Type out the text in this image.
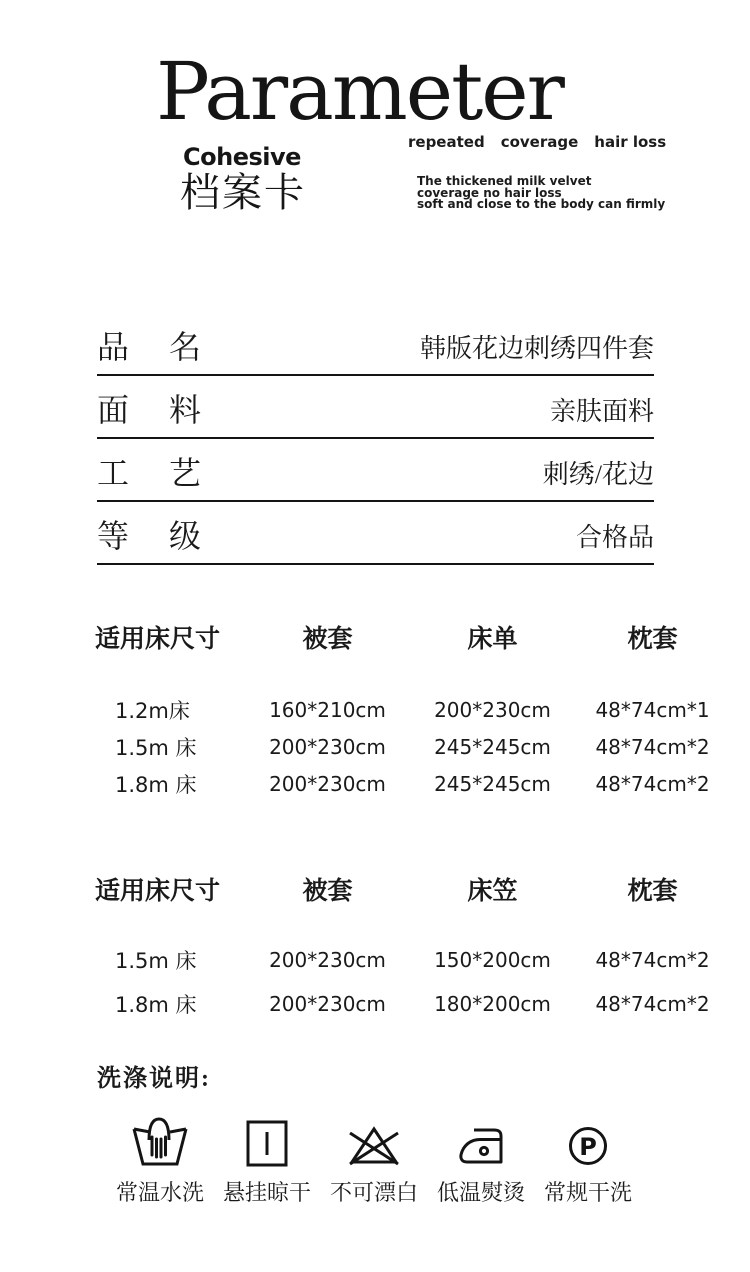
Parameter
repeated coverage hair loss
Cohesive
档案卡	The thickened milk velvet
coverage no hair loss
soft and close to the body can firmly
品名	韩版花边刺绣四件套
面料	亲肤面料
工艺	刺绣/花边
等级	合格品
适用床尺寸	被套	床单	枕套
1.2m床	160*210cm	200*230cm	48*74cm*1
1.5m 床	200*230cm	245*245cm	48*74cm*2
1.8m 床	200*230cm	245*245cm	48*74cm*2
适用床尺寸	被套	床笠	枕套
1.5m 床	200*230cm	150*200cm	48*74cm*2
1.8m 床	200*230cm	180*200cm	48*74cm*2
洗涤说明:
常温水洗 悬挂晾干 不可漂白 低温熨烫
P
常规干洗
